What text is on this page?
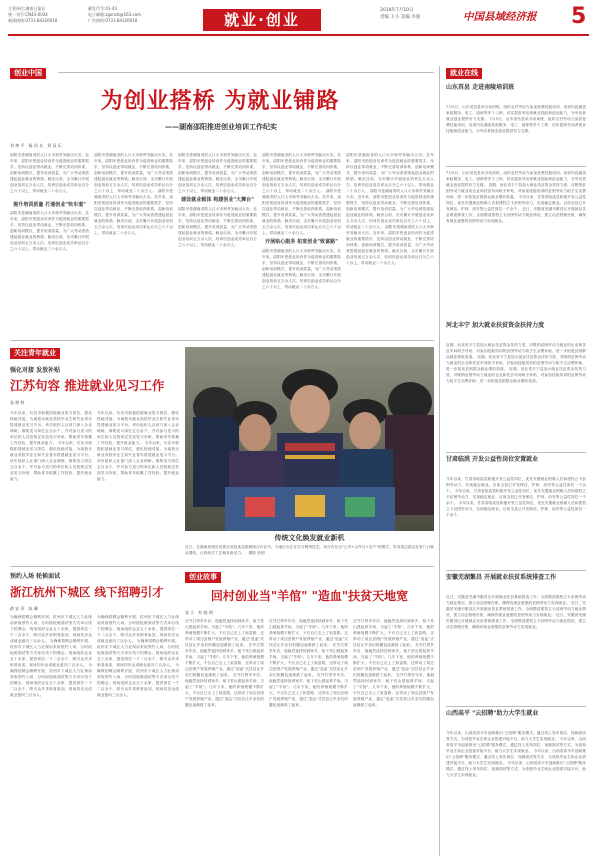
主管单位:湖南日报社
统一刊号:CN43-0034
新闻热线:0731-84326018
邮发代号:41-43
电子邮箱:zgxncb@163.com
广告热线:0731-84326018	就业·创业
2018年7月10日
责编 王小 美编 李强	中国县域经济报	5
创业中国
为创业搭桥 为就业铺路
——湖南邵阳推进创业培训工作纪实
刘 坤 平　杨 昌 友　刘 双 乐
邵阳市是湖南省的人口大市和劳务输出大市。近年来，邵阳市把创业培训作为促进就业的重要抓手，坚持以创业带动就业，不断完善培训体系，创新培训模式，提升培训质量，为广大劳动者搭建起创业就业的桥梁。截至目前，全市累计开展创业培训五万余人次，培训后创业成功率达百分之六十以上，带动就业二十余万人。

提升培训质量 打通创业"快车道"
邵阳市是湖南省的人口大市和劳务输出大市。近年来，邵阳市把创业培训作为促进就业的重要抓手，坚持以创业带动就业，不断完善培训体系，创新培训模式，提升培训质量，为广大劳动者搭建起创业就业的桥梁。截至目前，全市累计开展创业培训五万余人次，培训后创业成功率达百分之六十以上，带动就业二十余万人。
邵阳市是湖南省的人口大市和劳务输出大市。近年来，邵阳市把创业培训作为促进就业的重要抓手，坚持以创业带动就业，不断完善培训体系，创新培训模式，提升培训质量，为广大劳动者搭建起创业就业的桥梁。截至目前，全市累计开展创业培训五万余人次，培训后创业成功率达百分之六十以上，带动就业二十余万人。 邵阳市是湖南省的人口大市和劳务输出大市。近年来，邵阳市把创业培训作为促进就业的重要抓手，坚持以创业带动就业，不断完善培训体系，创新培训模式，提升培训质量，为广大劳动者搭建起创业就业的桥梁。截至目前，全市累计开展创业培训五万余人次，培训后创业成功率达百分之六十以上，带动就业二十余万人。
邵阳市是湖南省的人口大市和劳务输出大市。近年来，邵阳市把创业培训作为促进就业的重要抓手，坚持以创业带动就业，不断完善培训体系，创新培训模式，提升培训质量，为广大劳动者搭建起创业就业的桥梁。截至目前，全市累计开展创业培训五万余人次，培训后创业成功率达百分之六十以上，带动就业二十余万人。

建设就业载体 构建创业"大舞台"
邵阳市是湖南省的人口大市和劳务输出大市。近年来，邵阳市把创业培训作为促进就业的重要抓手，坚持以创业带动就业，不断完善培训体系，创新培训模式，提升培训质量，为广大劳动者搭建起创业就业的桥梁。截至目前，全市累计开展创业培训五万余人次，培训后创业成功率达百分之六十以上，带动就业二十余万人。
邵阳市是湖南省的人口大市和劳务输出大市。近年来，邵阳市把创业培训作为促进就业的重要抓手，坚持以创业带动就业，不断完善培训体系，创新培训模式，提升培训质量，为广大劳动者搭建起创业就业的桥梁。截至目前，全市累计开展创业培训五万余人次，培训后创业成功率达百分之六十以上，带动就业二十余万人。 邵阳市是湖南省的人口大市和劳务输出大市。近年来，邵阳市把创业培训作为促进就业的重要抓手，坚持以创业带动就业，不断完善培训体系，创新培训模式，提升培训质量，为广大劳动者搭建起创业就业的桥梁。截至目前，全市累计开展创业培训五万余人次，培训后创业成功率达百分之六十以上，带动就业二十余万人。

开展贴心服务 拓宽创业"致富路"
邵阳市是湖南省的人口大市和劳务输出大市。近年来，邵阳市把创业培训作为促进就业的重要抓手，坚持以创业带动就业，不断完善培训体系，创新培训模式，提升培训质量，为广大劳动者搭建起创业就业的桥梁。截至目前，全市累计开展创业培训五万余人次，培训后创业成功率达百分之六十以上，带动就业二十余万人。
邵阳市是湖南省的人口大市和劳务输出大市。近年来，邵阳市把创业培训作为促进就业的重要抓手，坚持以创业带动就业，不断完善培训体系，创新培训模式，提升培训质量，为广大劳动者搭建起创业就业的桥梁。截至目前，全市累计开展创业培训五万余人次，培训后创业成功率达百分之六十以上，带动就业二十余万人。 邵阳市是湖南省的人口大市和劳务输出大市。近年来，邵阳市把创业培训作为促进就业的重要抓手，坚持以创业带动就业，不断完善培训体系，创新培训模式，提升培训质量，为广大劳动者搭建起创业就业的桥梁。截至目前，全市累计开展创业培训五万余人次，培训后创业成功率达百分之六十以上，带动就业二十余万人。 邵阳市是湖南省的人口大市和劳务输出大市。近年来，邵阳市把创业培训作为促进就业的重要抓手，坚持以创业带动就业，不断完善培训体系，创新培训模式，提升培训质量，为广大劳动者搭建起创业就业的桥梁。截至目前，全市累计开展创业培训五万余人次，培训后创业成功率达百分之六十以上，带动就业二十余万人。
关注青年就业
强化对接 发放补贴
江苏句容 推进就业见习工作
朱 婷 婷
今年以来，句容市积极拓展就业见习岗位，强化校地对接，为离校未就业高校毕业生和失业青年搭建就业见习平台。该市组织人社部门深入企业调研，募集见习岗位五百余个，并对参与见习的单位和人员按规定发放见习补贴，帮助青年积累工作经验，提升就业能力。 今年以来，句容市积极拓展就业见习岗位，强化校地对接，为离校未就业高校毕业生和失业青年搭建就业见习平台。该市组织人社部门深入企业调研，募集见习岗位五百余个，并对参与见习的单位和人员按规定发放见习补贴，帮助青年积累工作经验，提升就业能力。
今年以来，句容市积极拓展就业见习岗位，强化校地对接，为离校未就业高校毕业生和失业青年搭建就业见习平台。该市组织人社部门深入企业调研，募集见习岗位五百余个，并对参与见习的单位和人员按规定发放见习补贴，帮助青年积累工作经验，提升就业能力。 今年以来，句容市积极拓展就业见习岗位，强化校地对接，为离校未就业高校毕业生和失业青年搭建就业见习平台。该市组织人社部门深入企业调研，募集见习岗位五百余个，并对参与见习的单位和人员按规定发放见习补贴，帮助青年积累工作经验，提升就业能力。
传统文化焕发就业新机
近日，在湖南省城步苗族自治县某苗族刺绣合作社内，当地妇女正在学习刺绣技艺。该合作社以"公司+合作社+农户"的模式，带动周边群众在家门口就业增收，让传统手工艺焕发新活力。　摄影 张明
预约入场 轮候面试
浙江杭州下城区 线下招聘引才
俞 安 萍　陈 琳
为确保招聘会顺利开展，杭州市下城区人力社保局采取预约入场、分时段轮候面试等方式举办线下招聘会，现场组织企业五十余家，提供岗位一千二百余个，吸引众多求职者参加，现场初步达成就业意向三百余人。 为确保招聘会顺利开展，杭州市下城区人力社保局采取预约入场、分时段轮候面试等方式举办线下招聘会，现场组织企业五十余家，提供岗位一千二百余个，吸引众多求职者参加，现场初步达成就业意向三百余人。 为确保招聘会顺利开展，杭州市下城区人力社保局采取预约入场、分时段轮候面试等方式举办线下招聘会，现场组织企业五十余家，提供岗位一千二百余个，吸引众多求职者参加，现场初步达成就业意向三百余人。
为确保招聘会顺利开展，杭州市下城区人力社保局采取预约入场、分时段轮候面试等方式举办线下招聘会，现场组织企业五十余家，提供岗位一千二百余个，吸引众多求职者参加，现场初步达成就业意向三百余人。 为确保招聘会顺利开展，杭州市下城区人力社保局采取预约入场、分时段轮候面试等方式举办线下招聘会，现场组织企业五十余家，提供岗位一千二百余个，吸引众多求职者参加，现场初步达成就业意向三百余人。 为确保招聘会顺利开展，杭州市下城区人力社保局采取预约入场、分时段轮候面试等方式举办线下招聘会，现场组织企业五十余家，提供岗位一千二百余个，吸引众多求职者参加，现场初步达成就业意向三百余人。
创业故事
回村创业当"羊倌" "造血"扶贫天地宽
张 立　杜 晓 明
在外打拼多年后，他毅然选择回到家乡，租下荒山建起养羊场，当起了"羊倌"。几年下来，他的养殖规模不断扩大，不仅自己走上了致富路，还带动了周边贫困户发展养殖产业，通过"造血"式扶贫让乡亲们的腰包逐渐鼓了起来。 在外打拼多年后，他毅然选择回到家乡，租下荒山建起养羊场，当起了"羊倌"。几年下来，他的养殖规模不断扩大，不仅自己走上了致富路，还带动了周边贫困户发展养殖产业，通过"造血"式扶贫让乡亲们的腰包逐渐鼓了起来。 在外打拼多年后，他毅然选择回到家乡，租下荒山建起养羊场，当起了"羊倌"。几年下来，他的养殖规模不断扩大，不仅自己走上了致富路，还带动了周边贫困户发展养殖产业，通过"造血"式扶贫让乡亲们的腰包逐渐鼓了起来。
在外打拼多年后，他毅然选择回到家乡，租下荒山建起养羊场，当起了"羊倌"。几年下来，他的养殖规模不断扩大，不仅自己走上了致富路，还带动了周边贫困户发展养殖产业，通过"造血"式扶贫让乡亲们的腰包逐渐鼓了起来。 在外打拼多年后，他毅然选择回到家乡，租下荒山建起养羊场，当起了"羊倌"。几年下来，他的养殖规模不断扩大，不仅自己走上了致富路，还带动了周边贫困户发展养殖产业，通过"造血"式扶贫让乡亲们的腰包逐渐鼓了起来。 在外打拼多年后，他毅然选择回到家乡，租下荒山建起养羊场，当起了"羊倌"。几年下来，他的养殖规模不断扩大，不仅自己走上了致富路，还带动了周边贫困户发展养殖产业，通过"造血"式扶贫让乡亲们的腰包逐渐鼓了起来。
在外打拼多年后，他毅然选择回到家乡，租下荒山建起养羊场，当起了"羊倌"。几年下来，他的养殖规模不断扩大，不仅自己走上了致富路，还带动了周边贫困户发展养殖产业，通过"造血"式扶贫让乡亲们的腰包逐渐鼓了起来。 在外打拼多年后，他毅然选择回到家乡，租下荒山建起养羊场，当起了"羊倌"。几年下来，他的养殖规模不断扩大，不仅自己走上了致富路，还带动了周边贫困户发展养殖产业，通过"造血"式扶贫让乡亲们的腰包逐渐鼓了起来。 在外打拼多年后，他毅然选择回到家乡，租下荒山建起养羊场，当起了"羊倌"。几年下来，他的养殖规模不断扩大，不仅自己走上了致富路，还带动了周边贫困户发展养殖产业，通过"造血"式扶贫让乡亲们的腰包逐渐鼓了起来。
就业在线
山东莒县 走进南陵培训班
7月5日，山东省莒县举办培训班，组织农村劳动力参加免费技能培训，培训内容涵盖家政服务、电工、厨师等多个工种，切实提高劳动者就业技能和创业能力，为劳动者就业创业提供有力支撑。 7月5日，山东省莒县举办培训班，组织农村劳动力参加免费技能培训，培训内容涵盖家政服务、电工、厨师等多个工种，切实提高劳动者就业技能和创业能力，为劳动者就业创业提供有力支撑。
7月5日，山东省莒县举办培训班，组织农村劳动力参加免费技能培训，培训内容涵盖家政服务、电工、厨师等多个工种，切实提高劳动者就业技能和创业能力，为劳动者就业创业提供有力支撑。 近期，河北省丰宁县加大就业扶贫资金扶持力度，对吸纳贫困劳动力就业的企业和扶贫车间给予补贴，对参加技能培训的贫困劳动力给予生活费补助，进一步拓宽贫困群众就业增收渠道。 今年以来，甘肃省临洮县积极开发公益性岗位，优先安置就业困难人员和建档立卡贫困劳动力，实现稳定就业。目前全县已开发保洁、护林、治安等公益性岗位一千余个。 近日，安徽省芜湖市繁昌区开展就业扶贫系统排查工作，全面摸清建档立卡贫困劳动力就业情况，建立动态管理台账，确保有就业意愿的贫困劳动力实现就业。
河北丰宁 加大就业扶贫资金扶持力度
近期，河北省丰宁县加大就业扶贫资金扶持力度，对吸纳贫困劳动力就业的企业和扶贫车间给予补贴，对参加技能培训的贫困劳动力给予生活费补助，进一步拓宽贫困群众就业增收渠道。 近期，河北省丰宁县加大就业扶贫资金扶持力度，对吸纳贫困劳动力就业的企业和扶贫车间给予补贴，对参加技能培训的贫困劳动力给予生活费补助，进一步拓宽贫困群众就业增收渠道。 近期，河北省丰宁县加大就业扶贫资金扶持力度，对吸纳贫困劳动力就业的企业和扶贫车间给予补贴，对参加技能培训的贫困劳动力给予生活费补助，进一步拓宽贫困群众就业增收渠道。
甘肃临洮 开发公益性岗位安置就业
今年以来，甘肃省临洮县积极开发公益性岗位，优先安置就业困难人员和建档立卡贫困劳动力，实现稳定就业。目前全县已开发保洁、护林、治安等公益性岗位一千余个。 今年以来，甘肃省临洮县积极开发公益性岗位，优先安置就业困难人员和建档立卡贫困劳动力，实现稳定就业。目前全县已开发保洁、护林、治安等公益性岗位一千余个。 今年以来，甘肃省临洮县积极开发公益性岗位，优先安置就业困难人员和建档立卡贫困劳动力，实现稳定就业。目前全县已开发保洁、护林、治安等公益性岗位一千余个。
安徽芜湖繁昌 开展就业扶贫系统排查工作
近日，安徽省芜湖市繁昌区开展就业扶贫系统排查工作，全面摸清建档立卡贫困劳动力就业情况，建立动态管理台账，确保有就业意愿的贫困劳动力实现就业。 近日，安徽省芜湖市繁昌区开展就业扶贫系统排查工作，全面摸清建档立卡贫困劳动力就业情况，建立动态管理台账，确保有就业意愿的贫困劳动力实现就业。 近日，安徽省芜湖市繁昌区开展就业扶贫系统排查工作，全面摸清建档立卡贫困劳动力就业情况，建立动态管理台账，确保有就业意愿的贫困劳动力实现就业。
山西高平 "云招聘"助力大学生就业
今年以来，山西省高平市创新推出"云招聘"服务模式，通过线上发布岗位、视频面试等方式，为高校毕业生和企业搭建对接平台，助力大学生实现就业。 今年以来，山西省高平市创新推出"云招聘"服务模式，通过线上发布岗位、视频面试等方式，为高校毕业生和企业搭建对接平台，助力大学生实现就业。 今年以来，山西省高平市创新推出"云招聘"服务模式，通过线上发布岗位、视频面试等方式，为高校毕业生和企业搭建对接平台，助力大学生实现就业。 今年以来，山西省高平市创新推出"云招聘"服务模式，通过线上发布岗位、视频面试等方式，为高校毕业生和企业搭建对接平台，助力大学生实现就业。
